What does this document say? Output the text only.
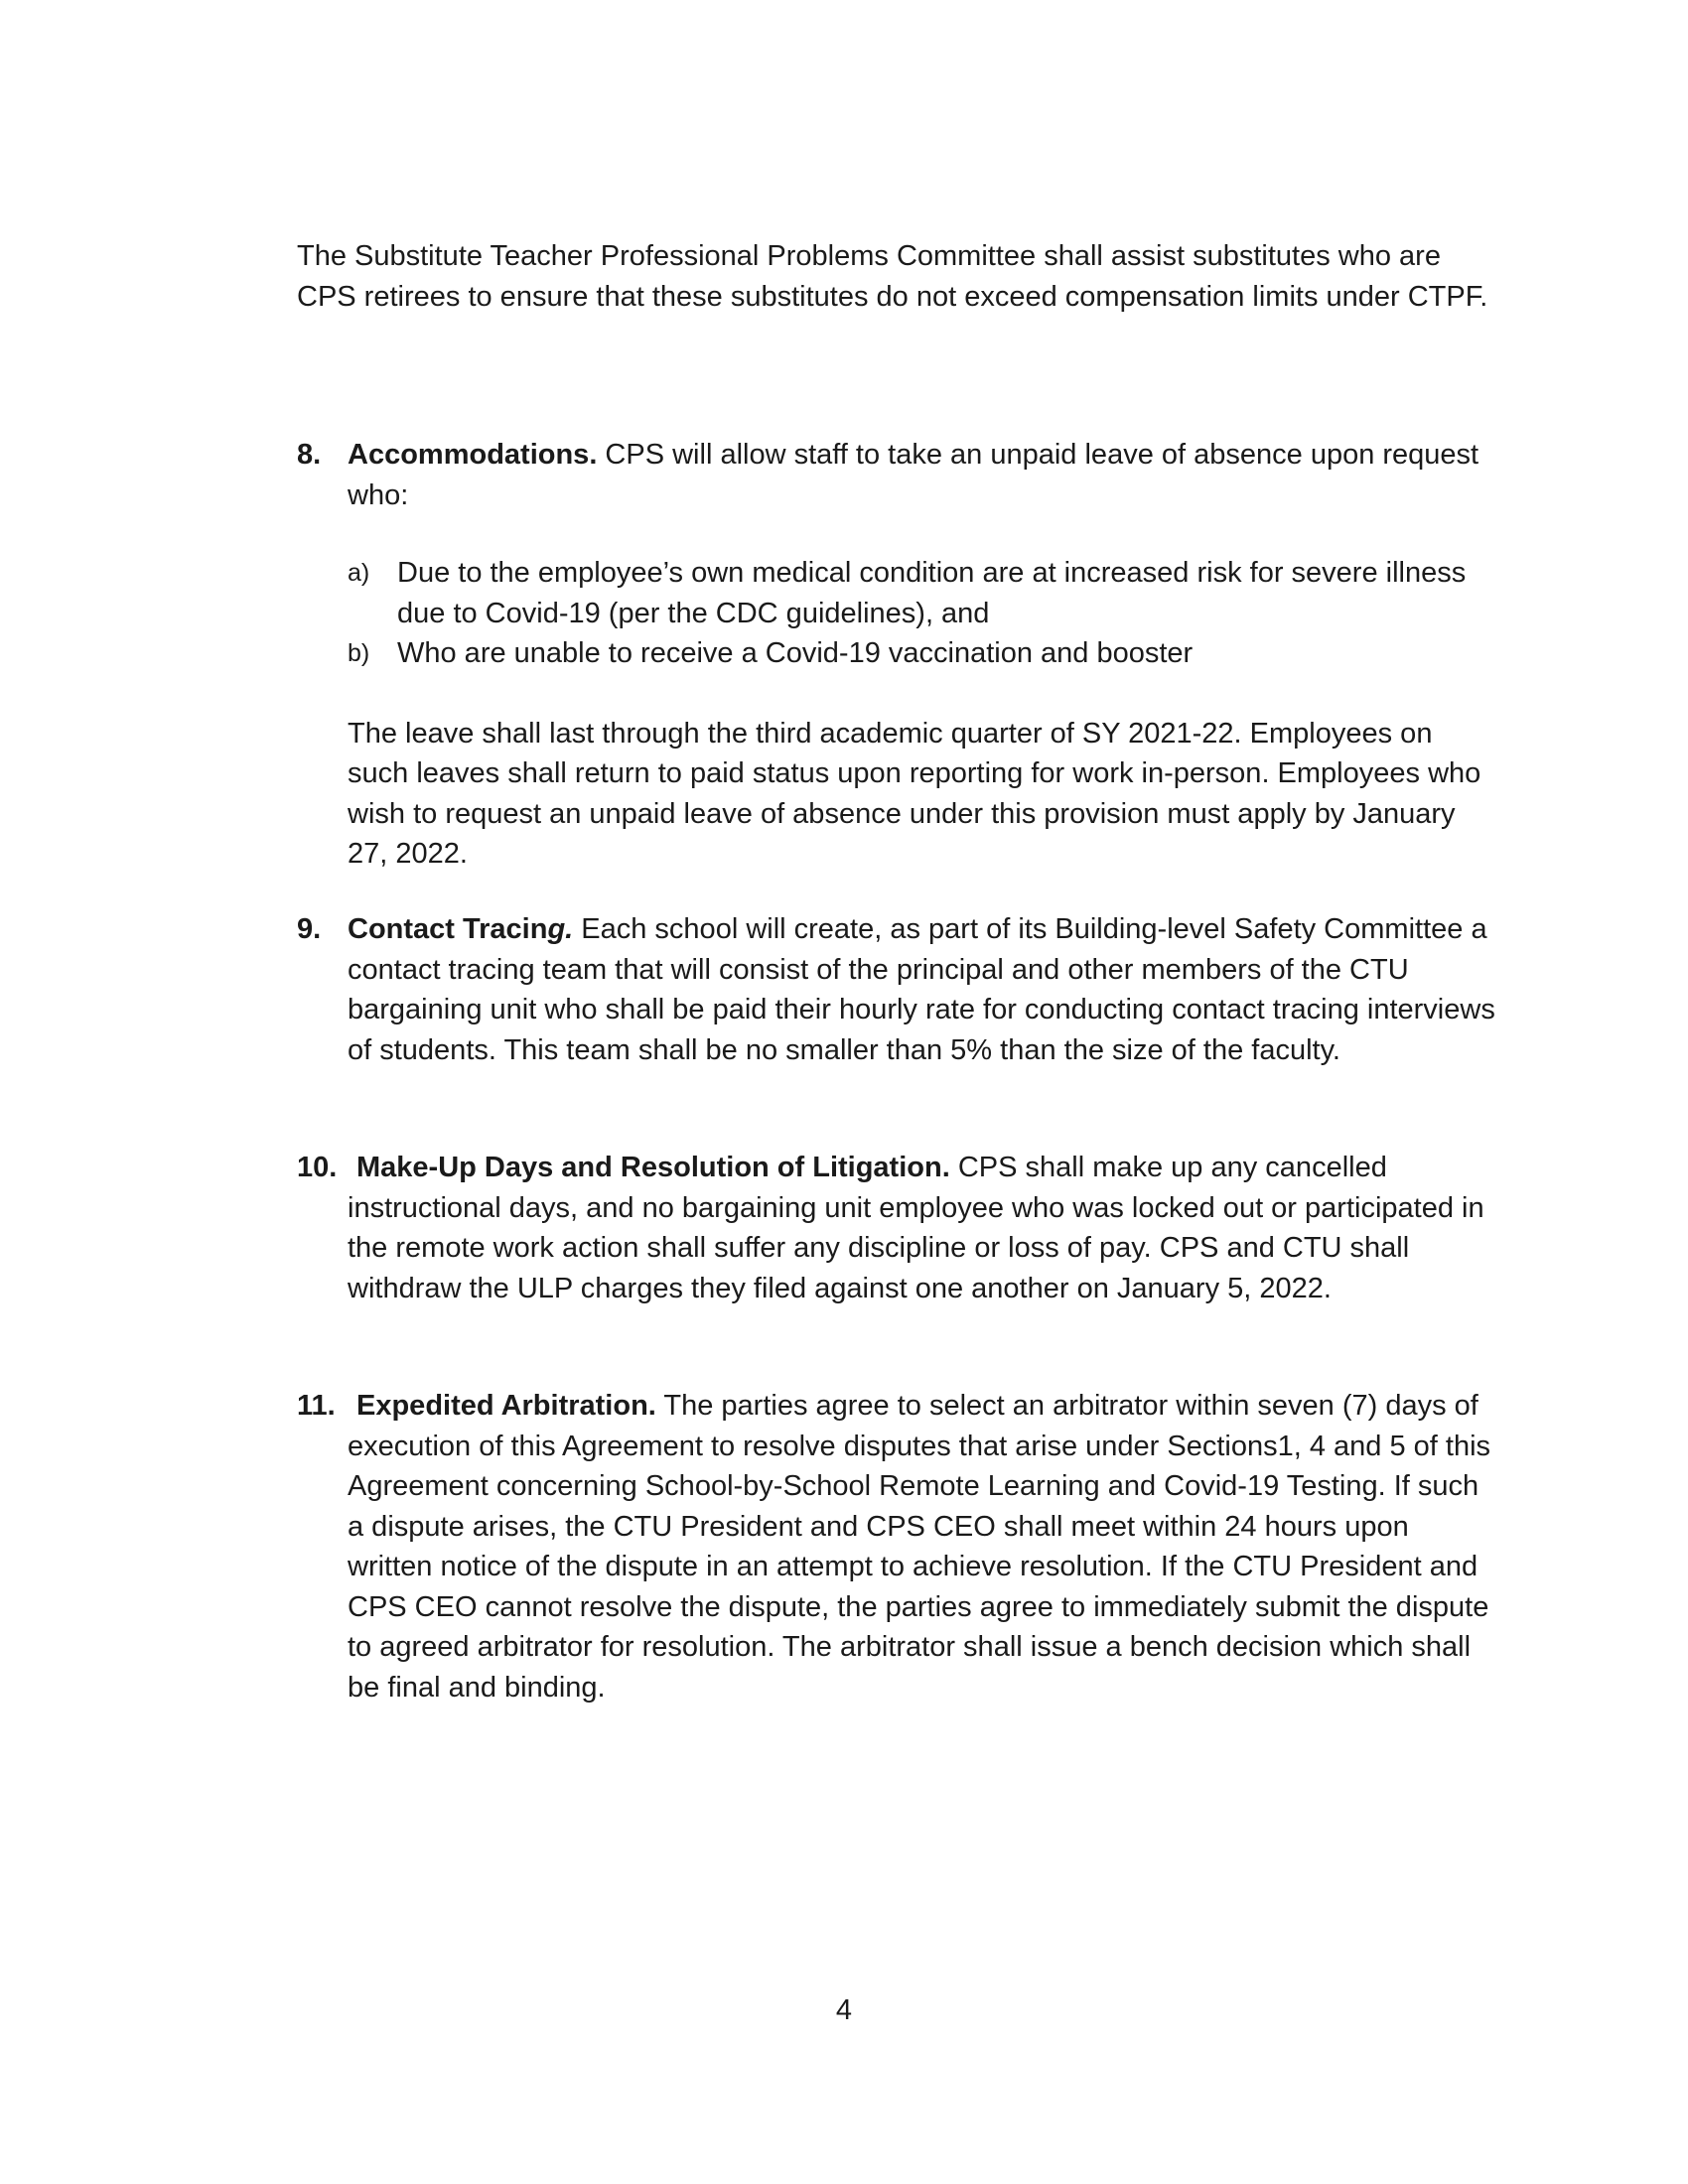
The Substitute Teacher Professional Problems Committee shall assist substitutes who are CPS retirees to ensure that these substitutes do not exceed compensation limits under CTPF.

8. Accommodations. CPS will allow staff to take an unpaid leave of absence upon request who:

a) Due to the employee’s own medical condition are at increased risk for severe illness due to Covid-19 (per the CDC guidelines), and
b) Who are unable to receive a Covid-19 vaccination and booster

The leave shall last through the third academic quarter of SY 2021-22. Employees on such leaves shall return to paid status upon reporting for work in-person. Employees who wish to request an unpaid leave of absence under this provision must apply by January 27, 2022.

9. Contact Tracing. Each school will create, as part of its Building-level Safety Committee a contact tracing team that will consist of the principal and other members of the CTU bargaining unit who shall be paid their hourly rate for conducting contact tracing interviews of students. This team shall be no smaller than 5% than the size of the faculty.

10. Make-Up Days and Resolution of Litigation. CPS shall make up any cancelled instructional days, and no bargaining unit employee who was locked out or participated in the remote work action shall suffer any discipline or loss of pay. CPS and CTU shall withdraw the ULP charges they filed against one another on January 5, 2022.

11. Expedited Arbitration. The parties agree to select an arbitrator within seven (7) days of execution of this Agreement to resolve disputes that arise under Sections1, 4 and 5 of this Agreement concerning School-by-School Remote Learning and Covid-19 Testing. If such a dispute arises, the CTU President and CPS CEO shall meet within 24 hours upon written notice of the dispute in an attempt to achieve resolution. If the CTU President and CPS CEO cannot resolve the dispute, the parties agree to immediately submit the dispute to agreed arbitrator for resolution. The arbitrator shall issue a bench decision which shall be final and binding.

4
